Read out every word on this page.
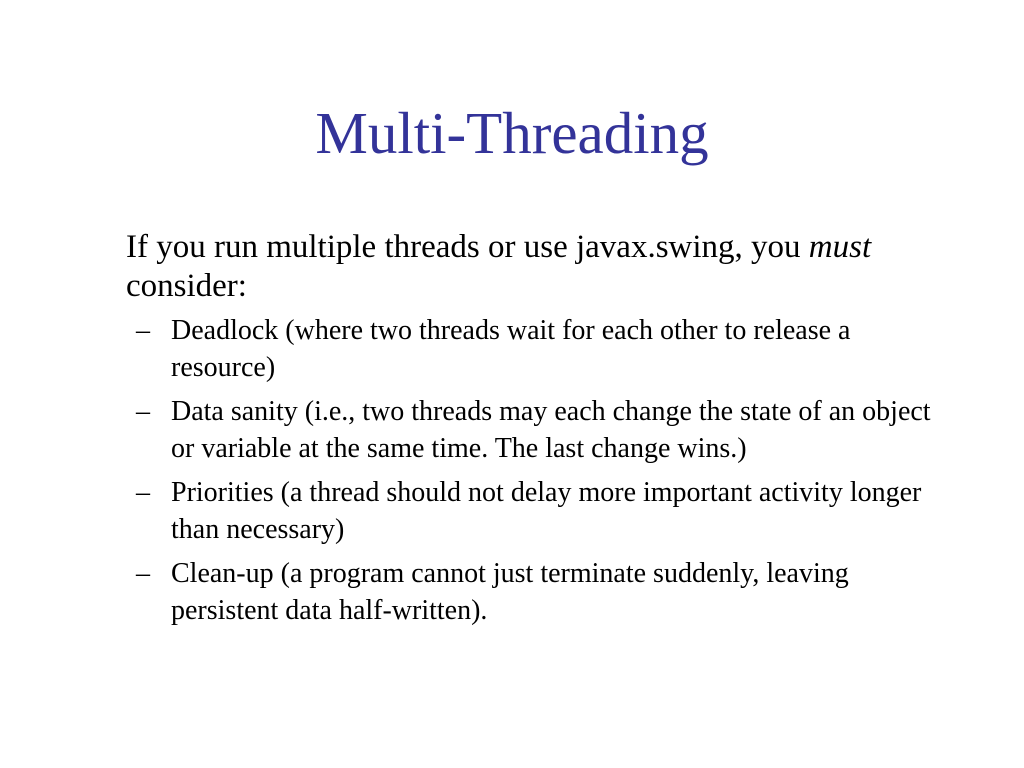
Multi-Threading

If you run multiple threads or use javax.swing, you must consider:

– Deadlock (where two threads wait for each other to release a resource)
– Data sanity (i.e., two threads may each change the state of an object or variable at the same time. The last change wins.)
– Priorities (a thread should not delay more important activity longer than necessary)
– Clean-up (a program cannot just terminate suddenly, leaving persistent data half-written).
